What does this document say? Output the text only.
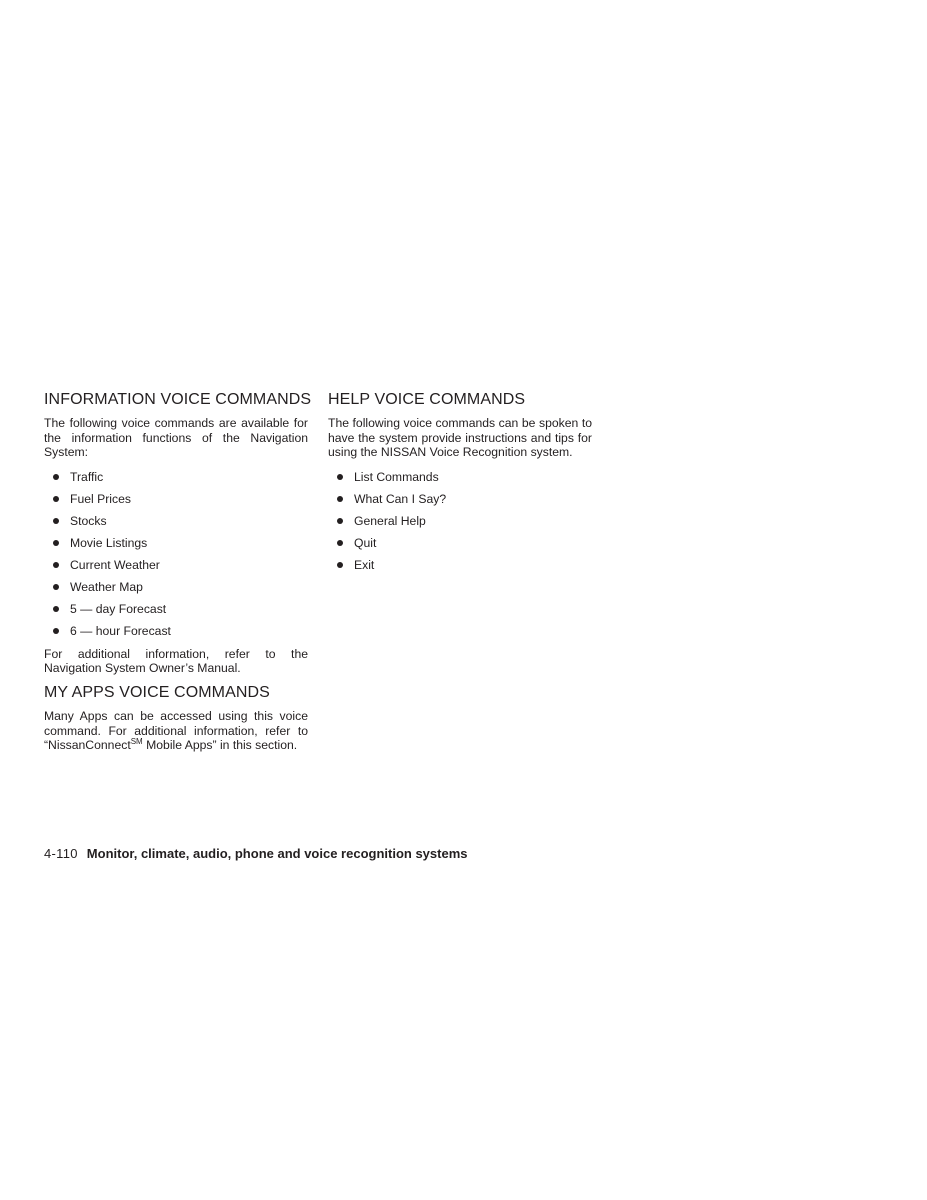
INFORMATION VOICE COMMANDS

The following voice commands are available for the information functions of the Navigation System:

Traffic
Fuel Prices
Stocks
Movie Listings
Current Weather
Weather Map
5 — day Forecast
6 — hour Forecast

For additional information, refer to the Navigation System Owner’s Manual.

MY APPS VOICE COMMANDS

Many Apps can be accessed using this voice command. For additional information, refer to “NissanConnect℠ Mobile Apps” in this section.

HELP VOICE COMMANDS

The following voice commands can be spoken to have the system provide instructions and tips for using the NISSAN Voice Recognition system.

List Commands
What Can I Say?
General Help
Quit
Exit
4-110 Monitor, climate, audio, phone and voice recognition systems
